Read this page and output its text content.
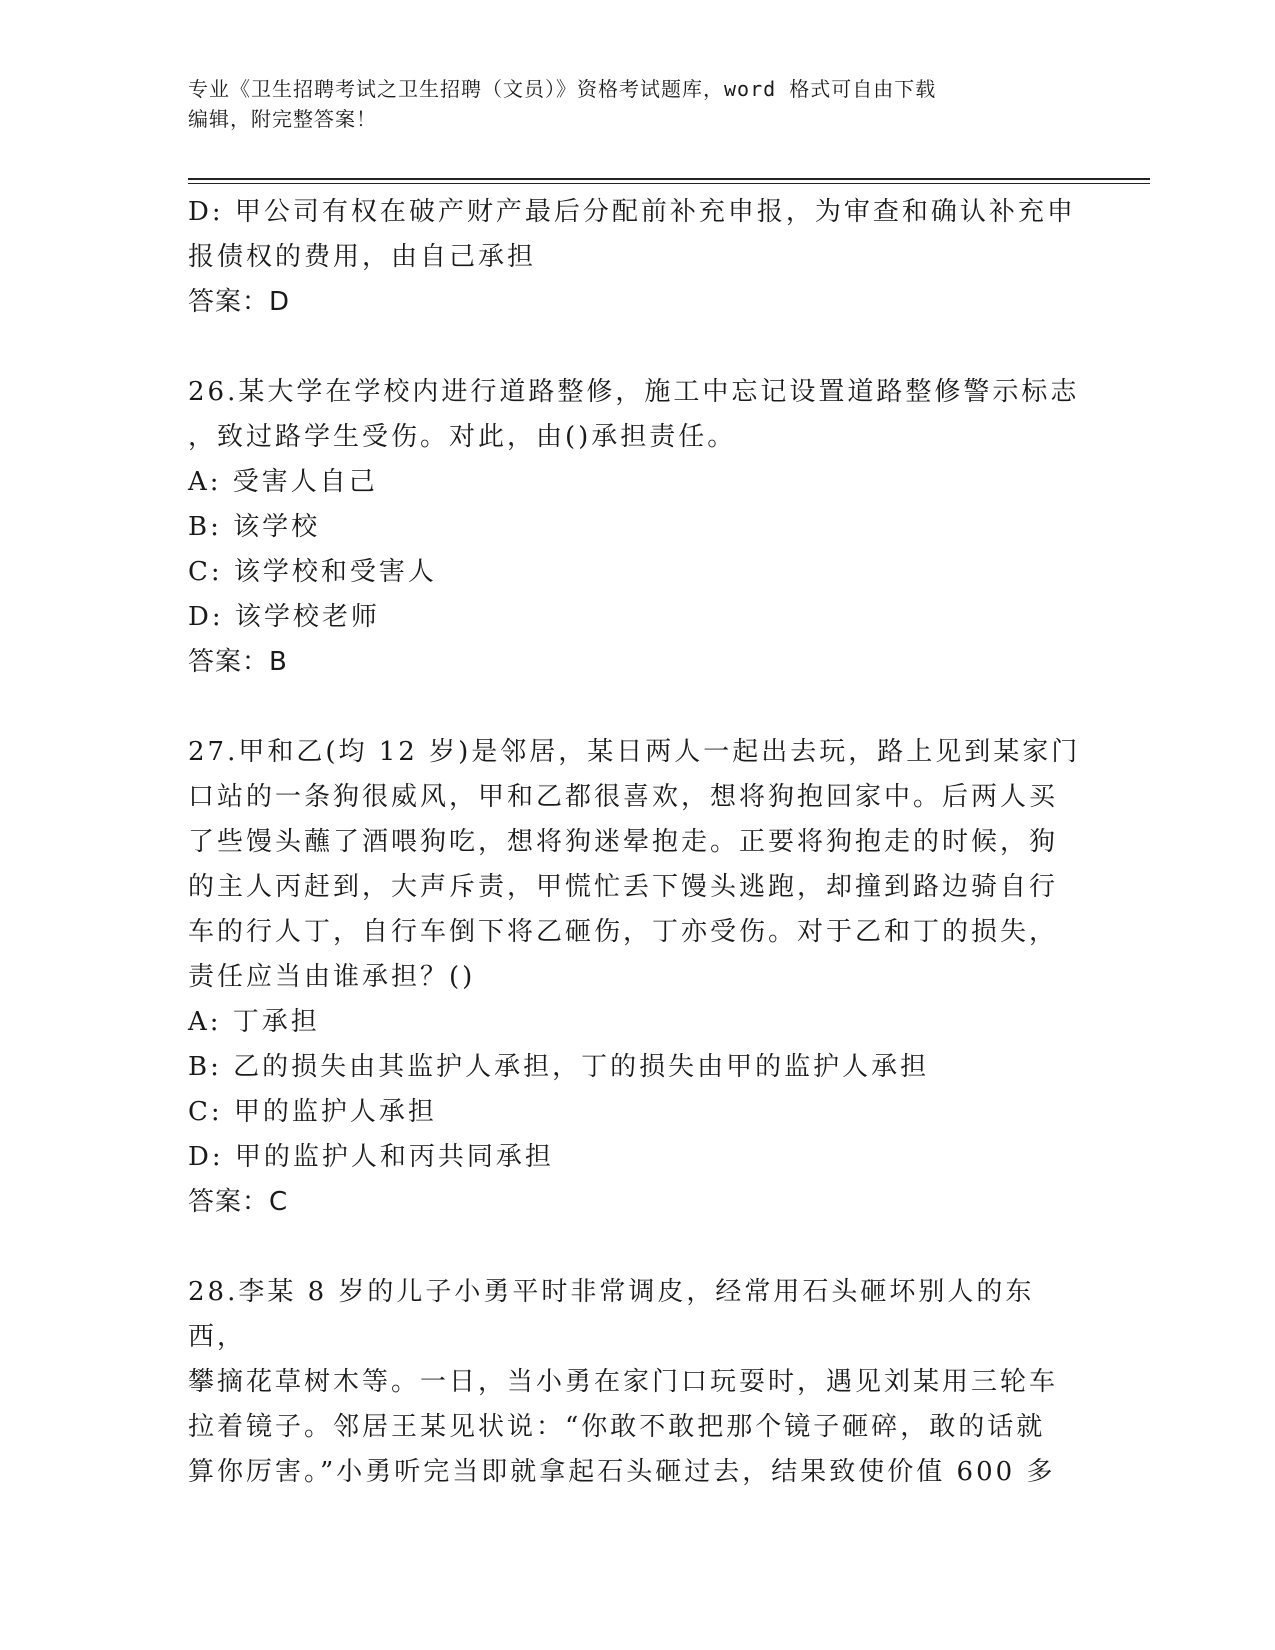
专业《卫生招聘考试之卫生招聘（文员）》资格考试题库，word 格式可自由下载
编辑，附完整答案！

D: 甲公司有权在破产财产最后分配前补充申报，为审查和确认补充申
报债权的费用，由自己承担

答案：D

26.某大学在学校内进行道路整修，施工中忘记设置道路整修警示标志
，致过路学生受伤。对此，由()承担责任。

A: 受害人自己

B: 该学校

C: 该学校和受害人

D: 该学校老师

答案：B

27.甲和乙(均 12 岁)是邻居，某日两人一起出去玩，路上见到某家门
口站的一条狗很威风，甲和乙都很喜欢，想将狗抱回家中。后两人买
了些馒头蘸了酒喂狗吃，想将狗迷晕抱走。正要将狗抱走的时候，狗
的主人丙赶到，大声斥责，甲慌忙丢下馒头逃跑，却撞到路边骑自行
车的行人丁，自行车倒下将乙砸伤，丁亦受伤。对于乙和丁的损失，
责任应当由谁承担？()

A: 丁承担

B: 乙的损失由其监护人承担，丁的损失由甲的监护人承担

C: 甲的监护人承担

D: 甲的监护人和丙共同承担

答案：C

28.李某 8 岁的儿子小勇平时非常调皮，经常用石头砸坏别人的东西，
攀摘花草树木等。一日，当小勇在家门口玩耍时，遇见刘某用三轮车
拉着镜子。邻居王某见状说：“你敢不敢把那个镜子砸碎，敢的话就
算你厉害。”小勇听完当即就拿起石头砸过去，结果致使价值 600 多
